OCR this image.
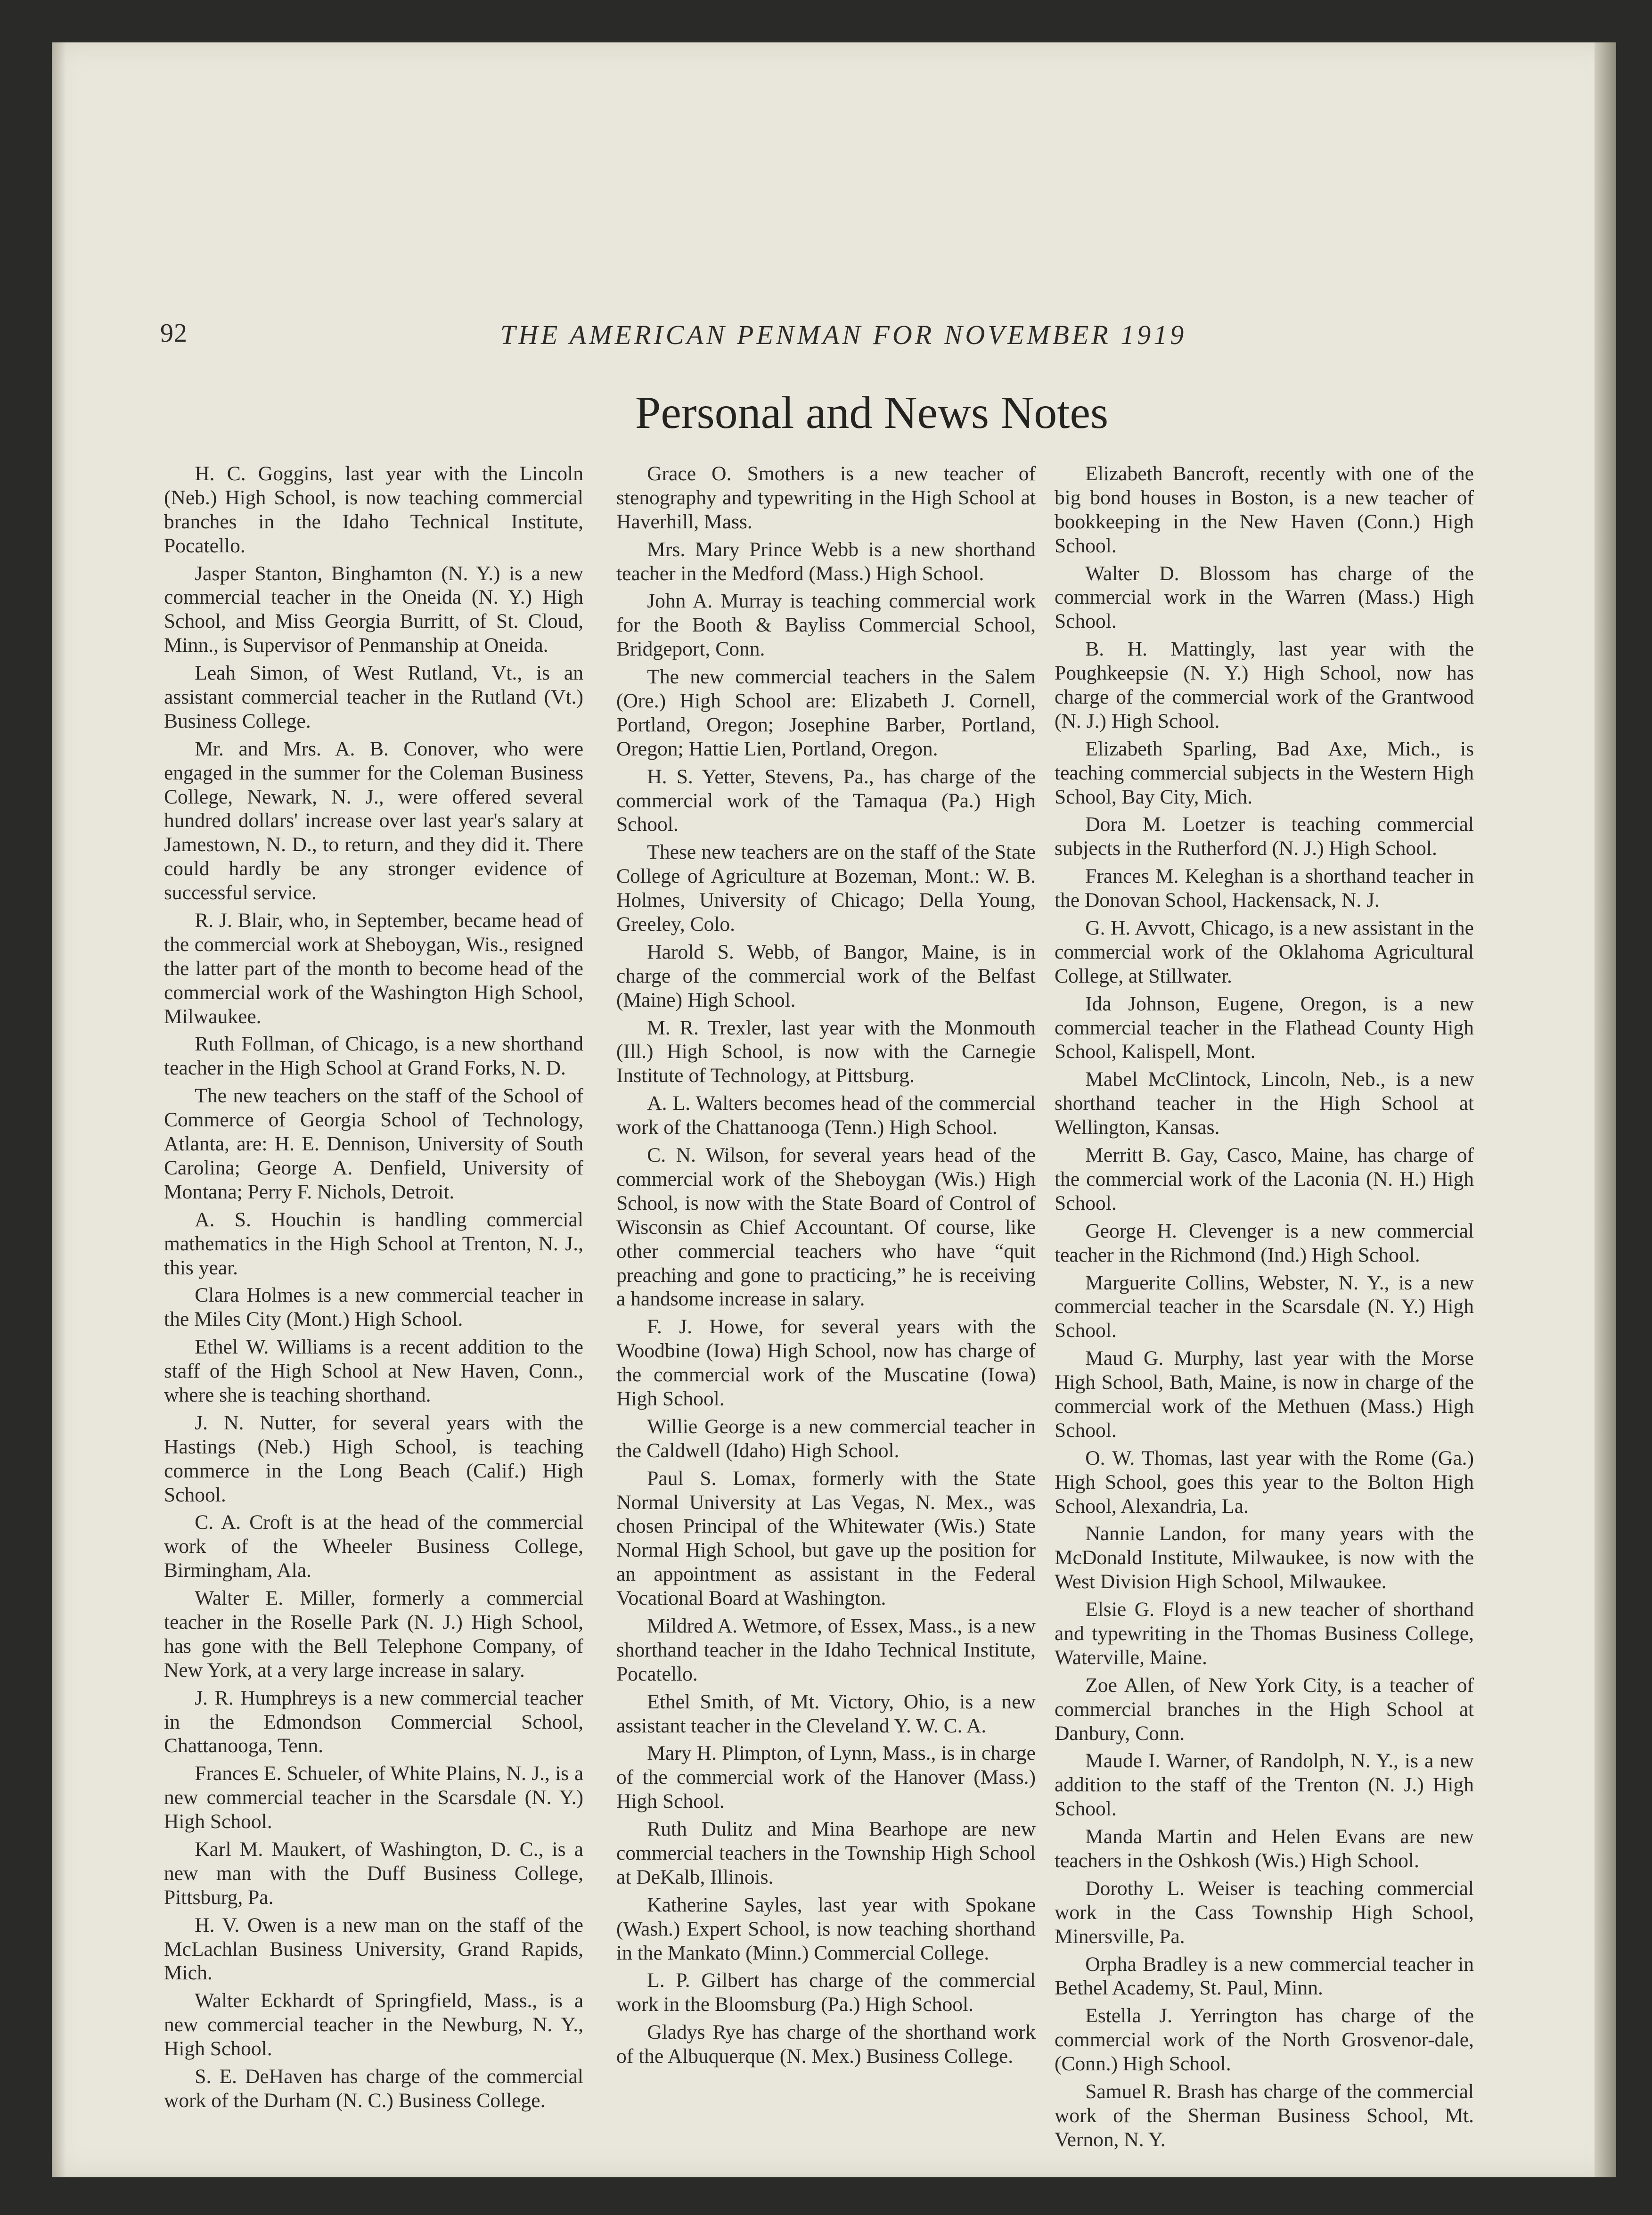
92	THE AMERICAN PENMAN FOR NOVEMBER 1919
Personal and News Notes

H. C. Goggins, last year with the Lincoln (Neb.) High School, is now teaching commercial branches in the Idaho Technical Institute, Pocatello.

Jasper Stanton, Binghamton (N. Y.) is a new commercial teacher in the Oneida (N. Y.) High School, and Miss Georgia Burritt, of St. Cloud, Minn., is Supervisor of Penmanship at Oneida.

Leah Simon, of West Rutland, Vt., is an assistant commercial teacher in the Rutland (Vt.) Business College.

Mr. and Mrs. A. B. Conover, who were engaged in the summer for the Coleman Business College, Newark, N. J., were offered several hundred dollars' increase over last year's salary at Jamestown, N. D., to return, and they did it. There could hardly be any stronger evidence of successful service.

R. J. Blair, who, in September, became head of the commercial work at Sheboygan, Wis., resigned the latter part of the month to become head of the commercial work of the Washington High School, Milwaukee.

Ruth Follman, of Chicago, is a new shorthand teacher in the High School at Grand Forks, N. D.

The new teachers on the staff of the School of Commerce of Georgia School of Technology, Atlanta, are: H. E. Dennison, University of South Carolina; George A. Denfield, University of Montana; Perry F. Nichols, Detroit.

A. S. Houchin is handling commercial mathematics in the High School at Trenton, N. J., this year.

Clara Holmes is a new commercial teacher in the Miles City (Mont.) High School.

Ethel W. Williams is a recent addition to the staff of the High School at New Haven, Conn., where she is teaching shorthand.

J. N. Nutter, for several years with the Hastings (Neb.) High School, is teaching commerce in the Long Beach (Calif.) High School.

C. A. Croft is at the head of the commercial work of the Wheeler Business College, Birmingham, Ala.

Walter E. Miller, formerly a commercial teacher in the Roselle Park (N. J.) High School, has gone with the Bell Telephone Company, of New York, at a very large increase in salary.

J. R. Humphreys is a new commercial teacher in the Edmondson Commercial School, Chattanooga, Tenn.

Frances E. Schueler, of White Plains, N. J., is a new commercial teacher in the Scarsdale (N. Y.) High School.

Karl M. Maukert, of Washington, D. C., is a new man with the Duff Business College, Pittsburg, Pa.

H. V. Owen is a new man on the staff of the McLachlan Business University, Grand Rapids, Mich.

Walter Eckhardt of Springfield, Mass., is a new commercial teacher in the Newburg, N. Y., High School.

S. E. DeHaven has charge of the commercial work of the Durham (N. C.) Business College.

Grace O. Smothers is a new teacher of stenography and typewriting in the High School at Haverhill, Mass.

Mrs. Mary Prince Webb is a new shorthand teacher in the Medford (Mass.) High School.

John A. Murray is teaching commercial work for the Booth & Bayliss Commercial School, Bridgeport, Conn.

The new commercial teachers in the Salem (Ore.) High School are: Elizabeth J. Cornell, Portland, Oregon; Josephine Barber, Portland, Oregon; Hattie Lien, Portland, Oregon.

H. S. Yetter, Stevens, Pa., has charge of the commercial work of the Tamaqua (Pa.) High School.

These new teachers are on the staff of the State College of Agriculture at Bozeman, Mont.: W. B. Holmes, University of Chicago; Della Young, Greeley, Colo.

Harold S. Webb, of Bangor, Maine, is in charge of the commercial work of the Belfast (Maine) High School.

M. R. Trexler, last year with the Monmouth (Ill.) High School, is now with the Carnegie Institute of Technology, at Pittsburg.

A. L. Walters becomes head of the commercial work of the Chattanooga (Tenn.) High School.

C. N. Wilson, for several years head of the commercial work of the Sheboygan (Wis.) High School, is now with the State Board of Control of Wisconsin as Chief Accountant. Of course, like other commercial teachers who have “quit preaching and gone to practicing,” he is receiving a handsome increase in salary.

F. J. Howe, for several years with the Woodbine (Iowa) High School, now has charge of the commercial work of the Muscatine (Iowa) High School.

Willie George is a new commercial teacher in the Caldwell (Idaho) High School.

Paul S. Lomax, formerly with the State Normal University at Las Vegas, N. Mex., was chosen Principal of the Whitewater (Wis.) State Normal High School, but gave up the position for an appointment as assistant in the Federal Vocational Board at Washington.

Mildred A. Wetmore, of Essex, Mass., is a new shorthand teacher in the Idaho Technical Institute, Pocatello.

Ethel Smith, of Mt. Victory, Ohio, is a new assistant teacher in the Cleveland Y. W. C. A.

Mary H. Plimpton, of Lynn, Mass., is in charge of the commercial work of the Hanover (Mass.) High School.

Ruth Dulitz and Mina Bearhope are new commercial teachers in the Township High School at DeKalb, Illinois.

Katherine Sayles, last year with Spokane (Wash.) Expert School, is now teaching shorthand in the Mankato (Minn.) Commercial College.

L. P. Gilbert has charge of the commercial work in the Bloomsburg (Pa.) High School.

Gladys Rye has charge of the shorthand work of the Albuquerque (N. Mex.) Business College.

Elizabeth Bancroft, recently with one of the big bond houses in Boston, is a new teacher of bookkeeping in the New Haven (Conn.) High School.

Walter D. Blossom has charge of the commercial work in the Warren (Mass.) High School.

B. H. Mattingly, last year with the Poughkeepsie (N. Y.) High School, now has charge of the commercial work of the Grantwood (N. J.) High School.

Elizabeth Sparling, Bad Axe, Mich., is teaching commercial subjects in the Western High School, Bay City, Mich.

Dora M. Loetzer is teaching commercial subjects in the Rutherford (N. J.) High School.

Frances M. Keleghan is a shorthand teacher in the Donovan School, Hackensack, N. J.

G. H. Avvott, Chicago, is a new assistant in the commercial work of the Oklahoma Agricultural College, at Stillwater.

Ida Johnson, Eugene, Oregon, is a new commercial teacher in the Flathead County High School, Kalispell, Mont.

Mabel McClintock, Lincoln, Neb., is a new shorthand teacher in the High School at Wellington, Kansas.

Merritt B. Gay, Casco, Maine, has charge of the commercial work of the Laconia (N. H.) High School.

George H. Clevenger is a new commercial teacher in the Richmond (Ind.) High School.

Marguerite Collins, Webster, N. Y., is a new commercial teacher in the Scarsdale (N. Y.) High School.

Maud G. Murphy, last year with the Morse High School, Bath, Maine, is now in charge of the commercial work of the Methuen (Mass.) High School.

O. W. Thomas, last year with the Rome (Ga.) High School, goes this year to the Bolton High School, Alexandria, La.

Nannie Landon, for many years with the McDonald Institute, Milwaukee, is now with the West Division High School, Milwaukee.

Elsie G. Floyd is a new teacher of shorthand and typewriting in the Thomas Business College, Waterville, Maine.

Zoe Allen, of New York City, is a teacher of commercial branches in the High School at Danbury, Conn.

Maude I. Warner, of Randolph, N. Y., is a new addition to the staff of the Trenton (N. J.) High School.

Manda Martin and Helen Evans are new teachers in the Oshkosh (Wis.) High School.

Dorothy L. Weiser is teaching commercial work in the Cass Township High School, Minersville, Pa.

Orpha Bradley is a new commercial teacher in Bethel Academy, St. Paul, Minn.

Estella J. Yerrington has charge of the commercial work of the North Grosvenor-dale, (Conn.) High School.

Samuel R. Brash has charge of the commercial work of the Sherman Business School, Mt. Vernon, N. Y.
